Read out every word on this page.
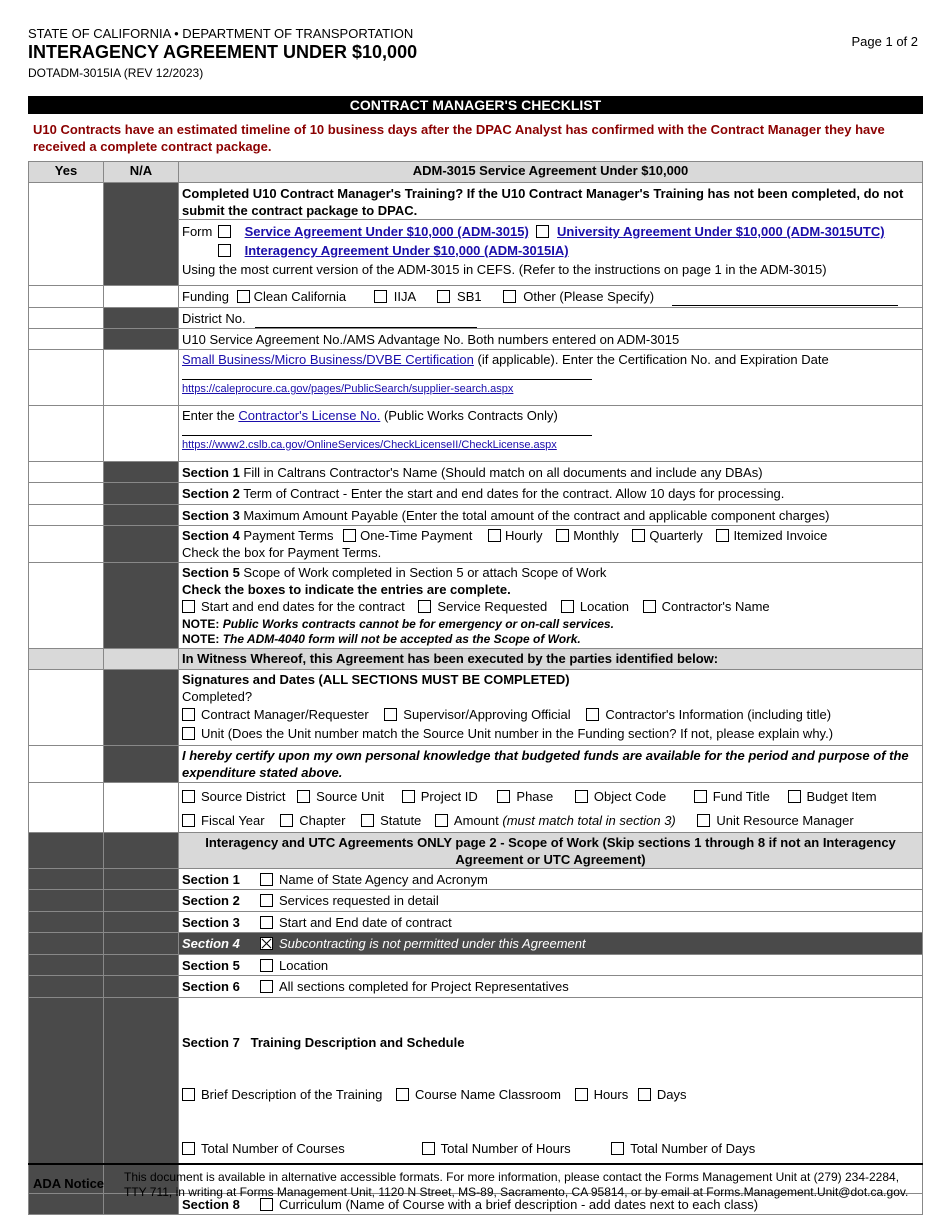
STATE OF CALIFORNIA • DEPARTMENT OF TRANSPORTATION
INTERAGENCY AGREEMENT UNDER $10,000
DOTADM-3015IA (REV 12/2023)
Page 1 of 2
CONTRACT MANAGER'S CHECKLIST
U10 Contracts have an estimated timeline of 10 business days after the DPAC Analyst has confirmed with the Contract Manager they have received a complete contract package.
Yes	N/A	ADM-3015 Service Agreement Under $10,000
		Completed U10 Contract Manager's Training? If the U10 Contract Manager's Training has not been completed, do not submit the contract package to DPAC.

		Form Service Agreement Under $10,000 (ADM-3015) University Agreement Under $10,000 (ADM-3015UTC)
Interagency Agreement Under $10,000 (ADM-3015IA)
Using the most current version of the ADM-3015 in CEFS. (Refer to the instructions on page 1 in the ADM-3015)

		Funding Clean California IIJA SB1 Other (Please Specify)
		District No.
		U10 Service Agreement No./AMS Advantage No. Both numbers entered on ADM-3015

		Small Business/Micro Business/DVBE Certification (if applicable). Enter the Certification No. and Expiration Date
https://caleprocure.ca.gov/pages/PublicSearch/supplier-search.aspx

		Enter the Contractor's License No. (Public Works Contracts Only)
https://www2.cslb.ca.gov/OnlineServices/CheckLicenseII/CheckLicense.aspx

		Section 1 Fill in Caltrans Contractor's Name (Should match on all documents and include any DBAs)
		Section 2 Term of Contract - Enter the start and end dates for the contract. Allow 10 days for processing.
		Section 3 Maximum Amount Payable (Enter the total amount of the contract and applicable component charges)

		Section 4 Payment Terms One-Time Payment Hourly Monthly Quarterly Itemized Invoice
Check the box for Payment Terms.

		Section 5 Scope of Work completed in Section 5 or attach Scope of Work
Check the boxes to indicate the entries are complete.
Start and end dates for the contract Service Requested Location Contractor's Name
NOTE: Public Works contracts cannot be for emergency or on-call services.
NOTE: The ADM-4040 form will not be accepted as the Scope of Work.

		In Witness Whereof, this Agreement has been executed by the parties identified below:

		Signatures and Dates (ALL SECTIONS MUST BE COMPLETED)
Completed?
Contract Manager/Requester Supervisor/Approving Official Contractor's Information (including title)
Unit (Does the Unit number match the Source Unit number in the Funding section? If not, please explain why.)

		I hereby certify upon my own personal knowledge that budgeted funds are available for the period and purpose of the expenditure stated above.

		Source District Source Unit Project ID Phase Object Code Fund Title Budget Item
Fiscal Year Chapter Statute Amount (must match total in section 3) Unit Resource Manager

		Interagency and UTC Agreements ONLY page 2 - Scope of Work (Skip sections 1 through 8 if not an Interagency Agreement or UTC Agreement)
		Section 1 Name of State Agency and Acronym
		Section 2 Services requested in detail
		Section 3 Start and End date of contract
		Section 4 Subcontracting is not permitted under this Agreement
		Section 5 Location
		Section 6 All sections completed for Project Representatives

		Section 7   Training Description and Schedule

Brief Description of the Training Course Name Classroom Hours Days

Total Number of Courses Total Number of Hours Total Number of Days

		Section 8 Curriculum (Name of Course with a brief description - add dates next to each class)
ADA Notice This document is available in alternative accessible formats. For more information, please contact the Forms Management Unit at (279) 234-2284, TTY 711, in writing at Forms Management Unit, 1120 N Street, MS-89, Sacramento, CA 95814, or by email at Forms.Management.Unit@dot.ca.gov.
